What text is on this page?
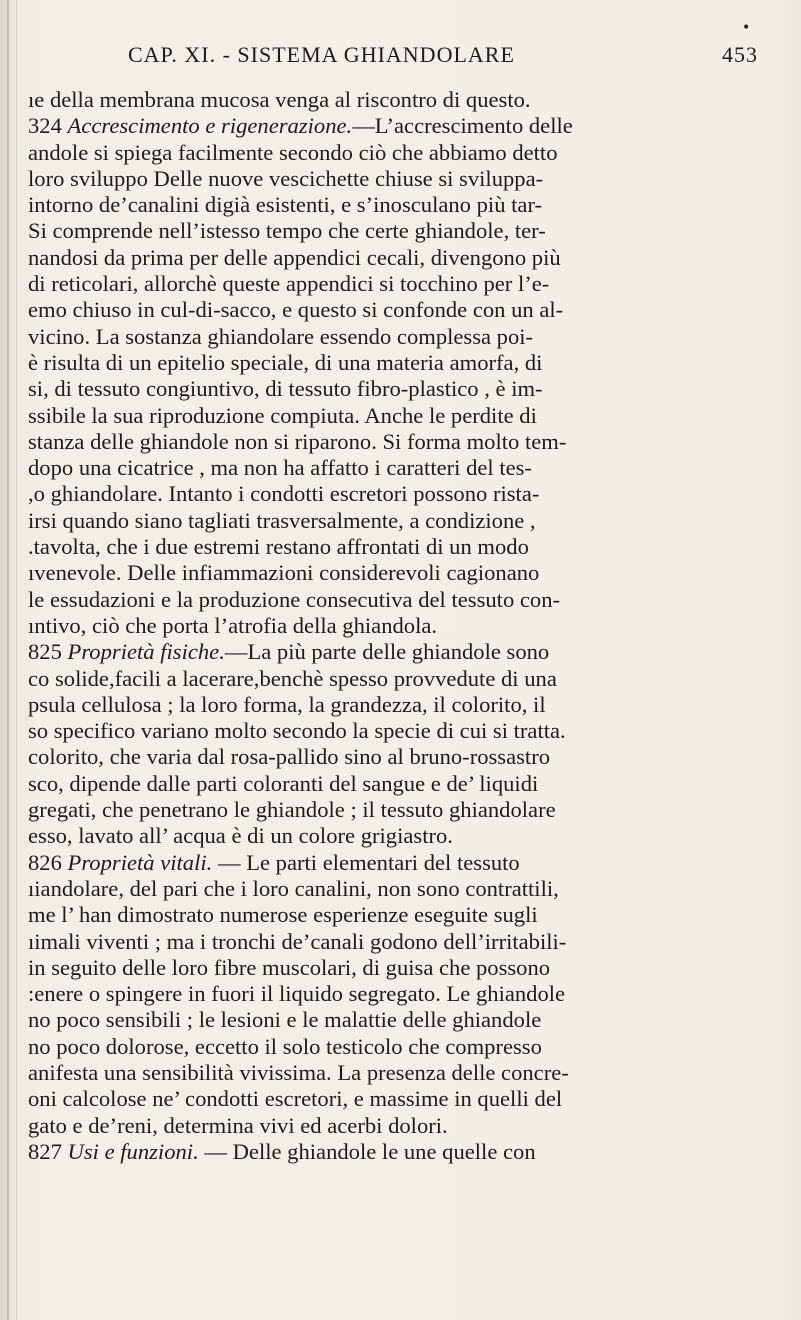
CAP. XI. - SISTEMA GHIANDOLARE	453
•
ıe della membrana mucosa venga al riscontro di questo.
324 Accrescimento e rigenerazione.—L’accrescimento delle
andole si spiega facilmente secondo ciò che abbiamo detto
loro sviluppo Delle nuove vescichette chiuse si sviluppa-
intorno de’canalini digià esistenti, e s’inosculano più tar-
Si comprende nell’istesso tempo che certe ghiandole, ter-
nandosi da prima per delle appendici cecali, divengono più
di reticolari, allorchè queste appendici si tocchino per l’e-
emo chiuso in cul-di-sacco, e questo si confonde con un al-
vicino. La sostanza ghiandolare essendo complessa poi-
è risulta di un epitelio speciale, di una materia amorfa, di
si, di tessuto congiuntivo, di tessuto fibro-plastico , è im-
ssibile la sua riproduzione compiuta. Anche le perdite di
stanza delle ghiandole non si riparono. Si forma molto tem-
dopo una cicatrice , ma non ha affatto i caratteri del tes-
,o ghiandolare. Intanto i condotti escretori possono rista-
irsi quando siano tagliati trasversalmente, a condizione ,
.tavolta, che i due estremi restano affrontati di un modo
ıvenevole. Delle infiammazioni considerevoli cagionano
le essudazioni e la produzione consecutiva del tessuto con-
ıntivo, ciò che porta l’atrofia della ghiandola.
825 Proprietà fisiche.—La più parte delle ghiandole sono
co solide,facili a lacerare,benchè spesso provvedute di una
psula cellulosa ; la loro forma, la grandezza, il colorito, il
so specifico variano molto secondo la specie di cui si tratta.
colorito, che varia dal rosa-pallido sino al bruno-rossastro
sco, dipende dalle parti coloranti del sangue e de’ liquidi
gregati, che penetrano le ghiandole ; il tessuto ghiandolare
esso, lavato all’ acqua è di un colore grigiastro.
826 Proprietà vitali. — Le parti elementari del tessuto
ıiandolare, del pari che i loro canalini, non sono contrattili,
me l’ han dimostrato numerose esperienze eseguite sugli
ıimali viventi ; ma i tronchi de’canali godono dell’irritabili-
in seguito delle loro fibre muscolari, di guisa che possono
:enere o spingere in fuori il liquido segregato. Le ghiandole
no poco sensibili ; le lesioni e le malattie delle ghiandole
no poco dolorose, eccetto il solo testicolo che compresso
anifesta una sensibilità vivissima. La presenza delle concre-
oni calcolose ne’ condotti escretori, e massime in quelli del
gato e de’reni, determina vivi ed acerbi dolori.
827 Usi e funzioni. — Delle ghiandole le une quelle con
